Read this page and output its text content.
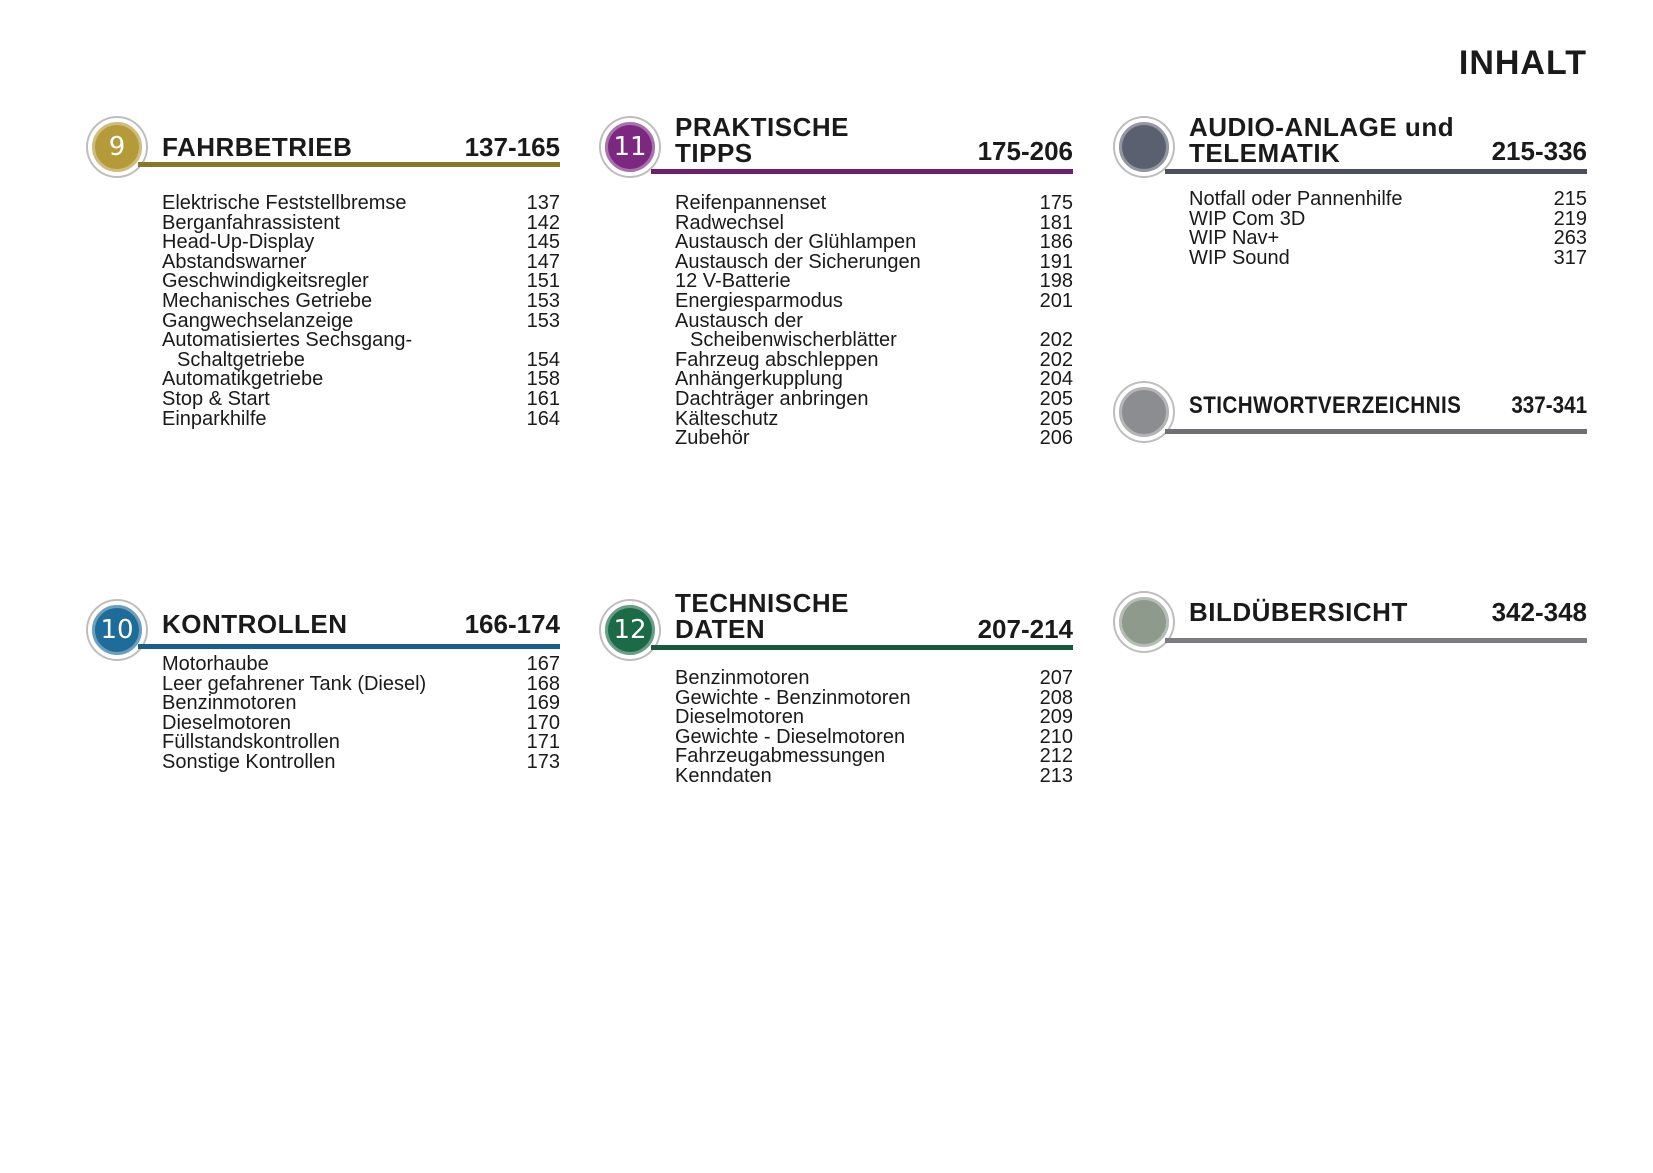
INHALT
9 FAHRBETRIEB	137-165
Elektrische Feststellbremse	137
Berganfahrassistent	142
Head-Up-Display	145
Abstandswarner	147
Geschwindigkeitsregler	151
Mechanisches Getriebe	153
Gangwechselanzeige	153
Automatisiertes Sechsgang-
Schaltgetriebe	154
Automatikgetriebe	158
Stop & Start	161
Einparkhilfe	164
11
PRAKTISCHE
TIPPS	175-206
Reifenpannenset	175
Radwechsel	181
Austausch der Glühlampen	186
Austausch der Sicherungen	191
12 V-Batterie	198
Energiesparmodus	201
Austausch der
Scheibenwischerblätter	202
Fahrzeug abschleppen	202
Anhängerkupplung	204
Dachträger anbringen	205
Kälteschutz	205
Zubehör	206
AUDIO-ANLAGE und
TELEMATIK	215-336
Notfall oder Pannenhilfe	215
WIP Com 3D	219
WIP Nav+	263
WIP Sound	317
STICHWORTVERZEICHNIS	337-341
10 KONTROLLEN	166-174
Motorhaube	167
Leer gefahrener Tank (Diesel)	168
Benzinmotoren	169
Dieselmotoren	170
Füllstandskontrollen	171
Sonstige Kontrollen	173
12
TECHNISCHE
DATEN	207-214
Benzinmotoren	207
Gewichte - Benzinmotoren	208
Dieselmotoren	209
Gewichte - Dieselmotoren	210
Fahrzeugabmessungen	212
Kenndaten	213
BILDÜBERSICHT	342-348
